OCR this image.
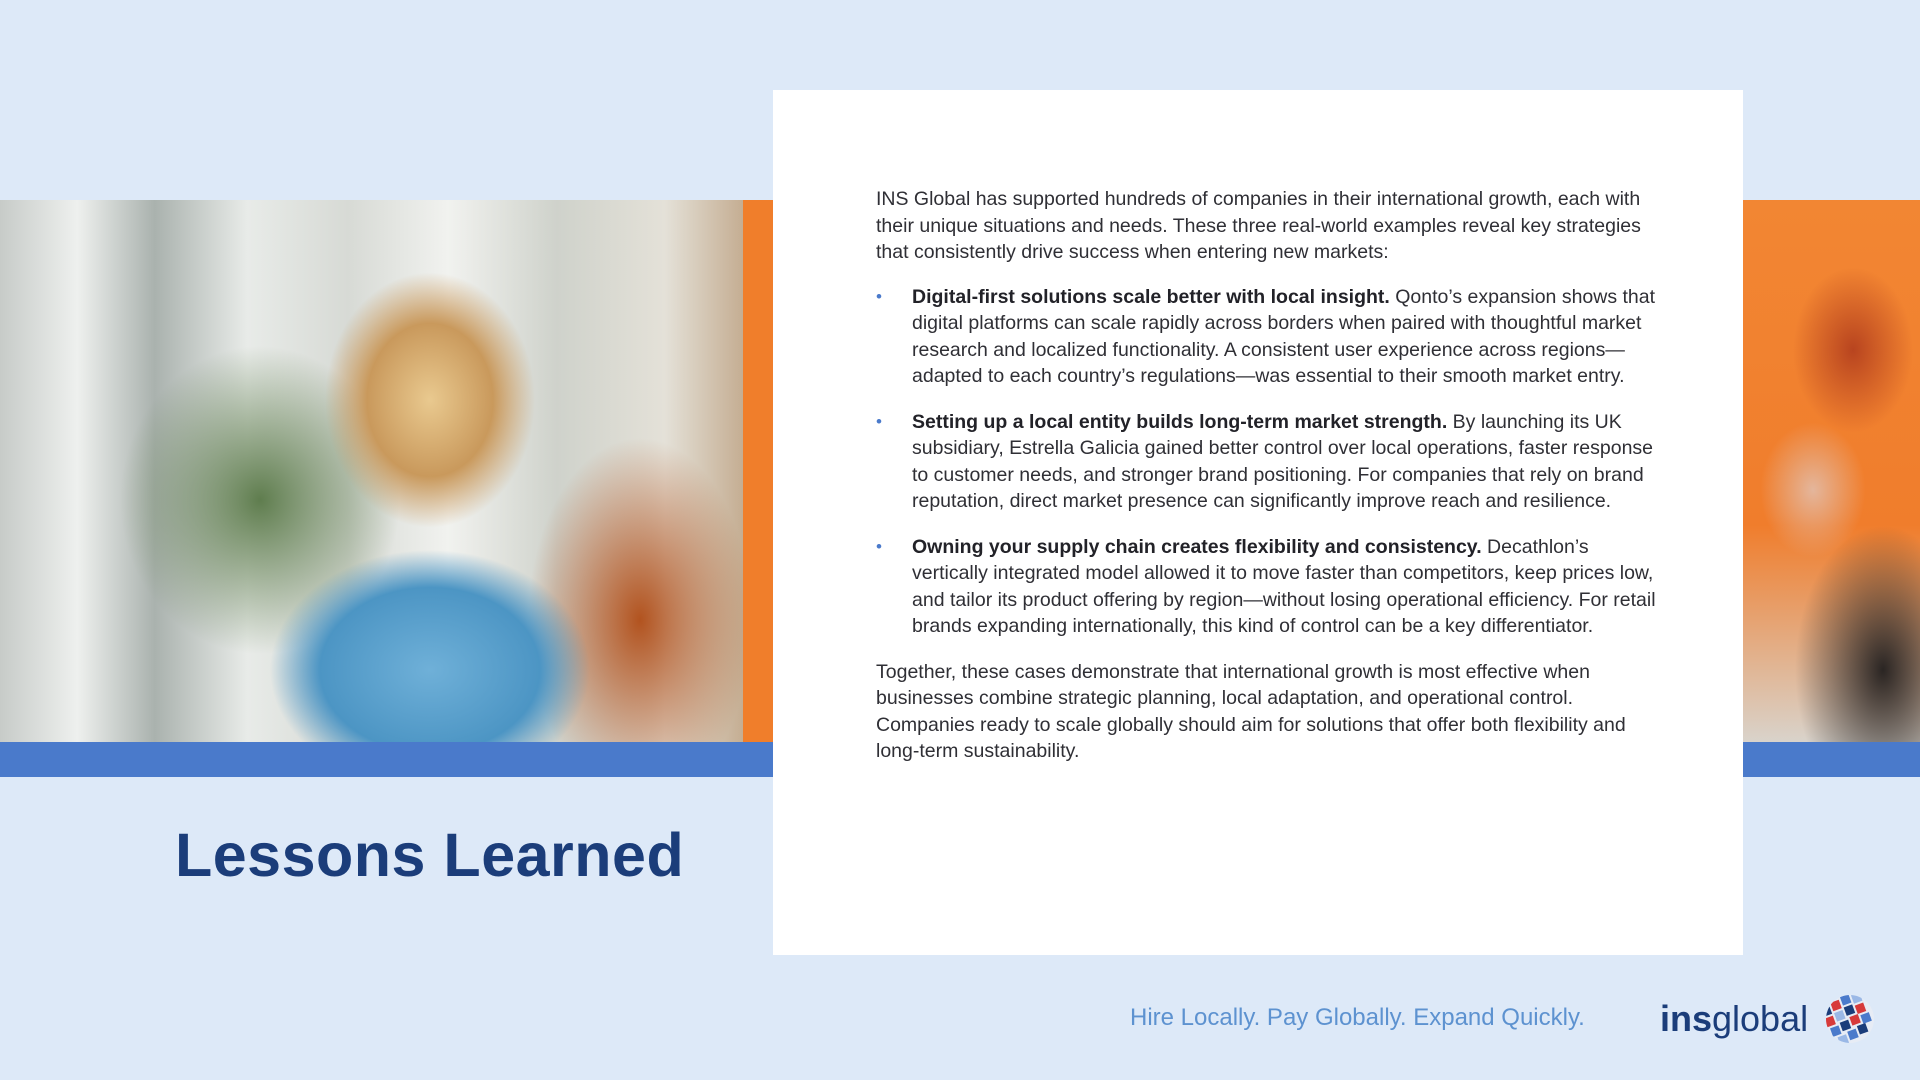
INS Global has supported hundreds of companies in their international growth, each with their unique situations and needs. These three real-world examples reveal key strategies that consistently drive success when entering new markets:

• Digital-first solutions scale better with local insight. Qonto’s expansion shows that digital platforms can scale rapidly across borders when paired with thoughtful market research and localized functionality. A consistent user experience across regions—adapted to each country’s regulations—was essential to their smooth market entry.
• Setting up a local entity builds long-term market strength. By launching its UK subsidiary, Estrella Galicia gained better control over local operations, faster response to customer needs, and stronger brand positioning. For companies that rely on brand reputation, direct market presence can significantly improve reach and resilience.
• Owning your supply chain creates flexibility and consistency. Decathlon’s vertically integrated model allowed it to move faster than competitors, keep prices low, and tailor its product offering by region—without losing operational efficiency. For retail brands expanding internationally, this kind of control can be a key differentiator.

Together, these cases demonstrate that international growth is most effective when businesses combine strategic planning, local adaptation, and operational control. Companies ready to scale globally should aim for solutions that offer both flexibility and long-term sustainability.

Lessons Learned
Hire Locally. Pay Globally. Expand Quickly. insglobal
